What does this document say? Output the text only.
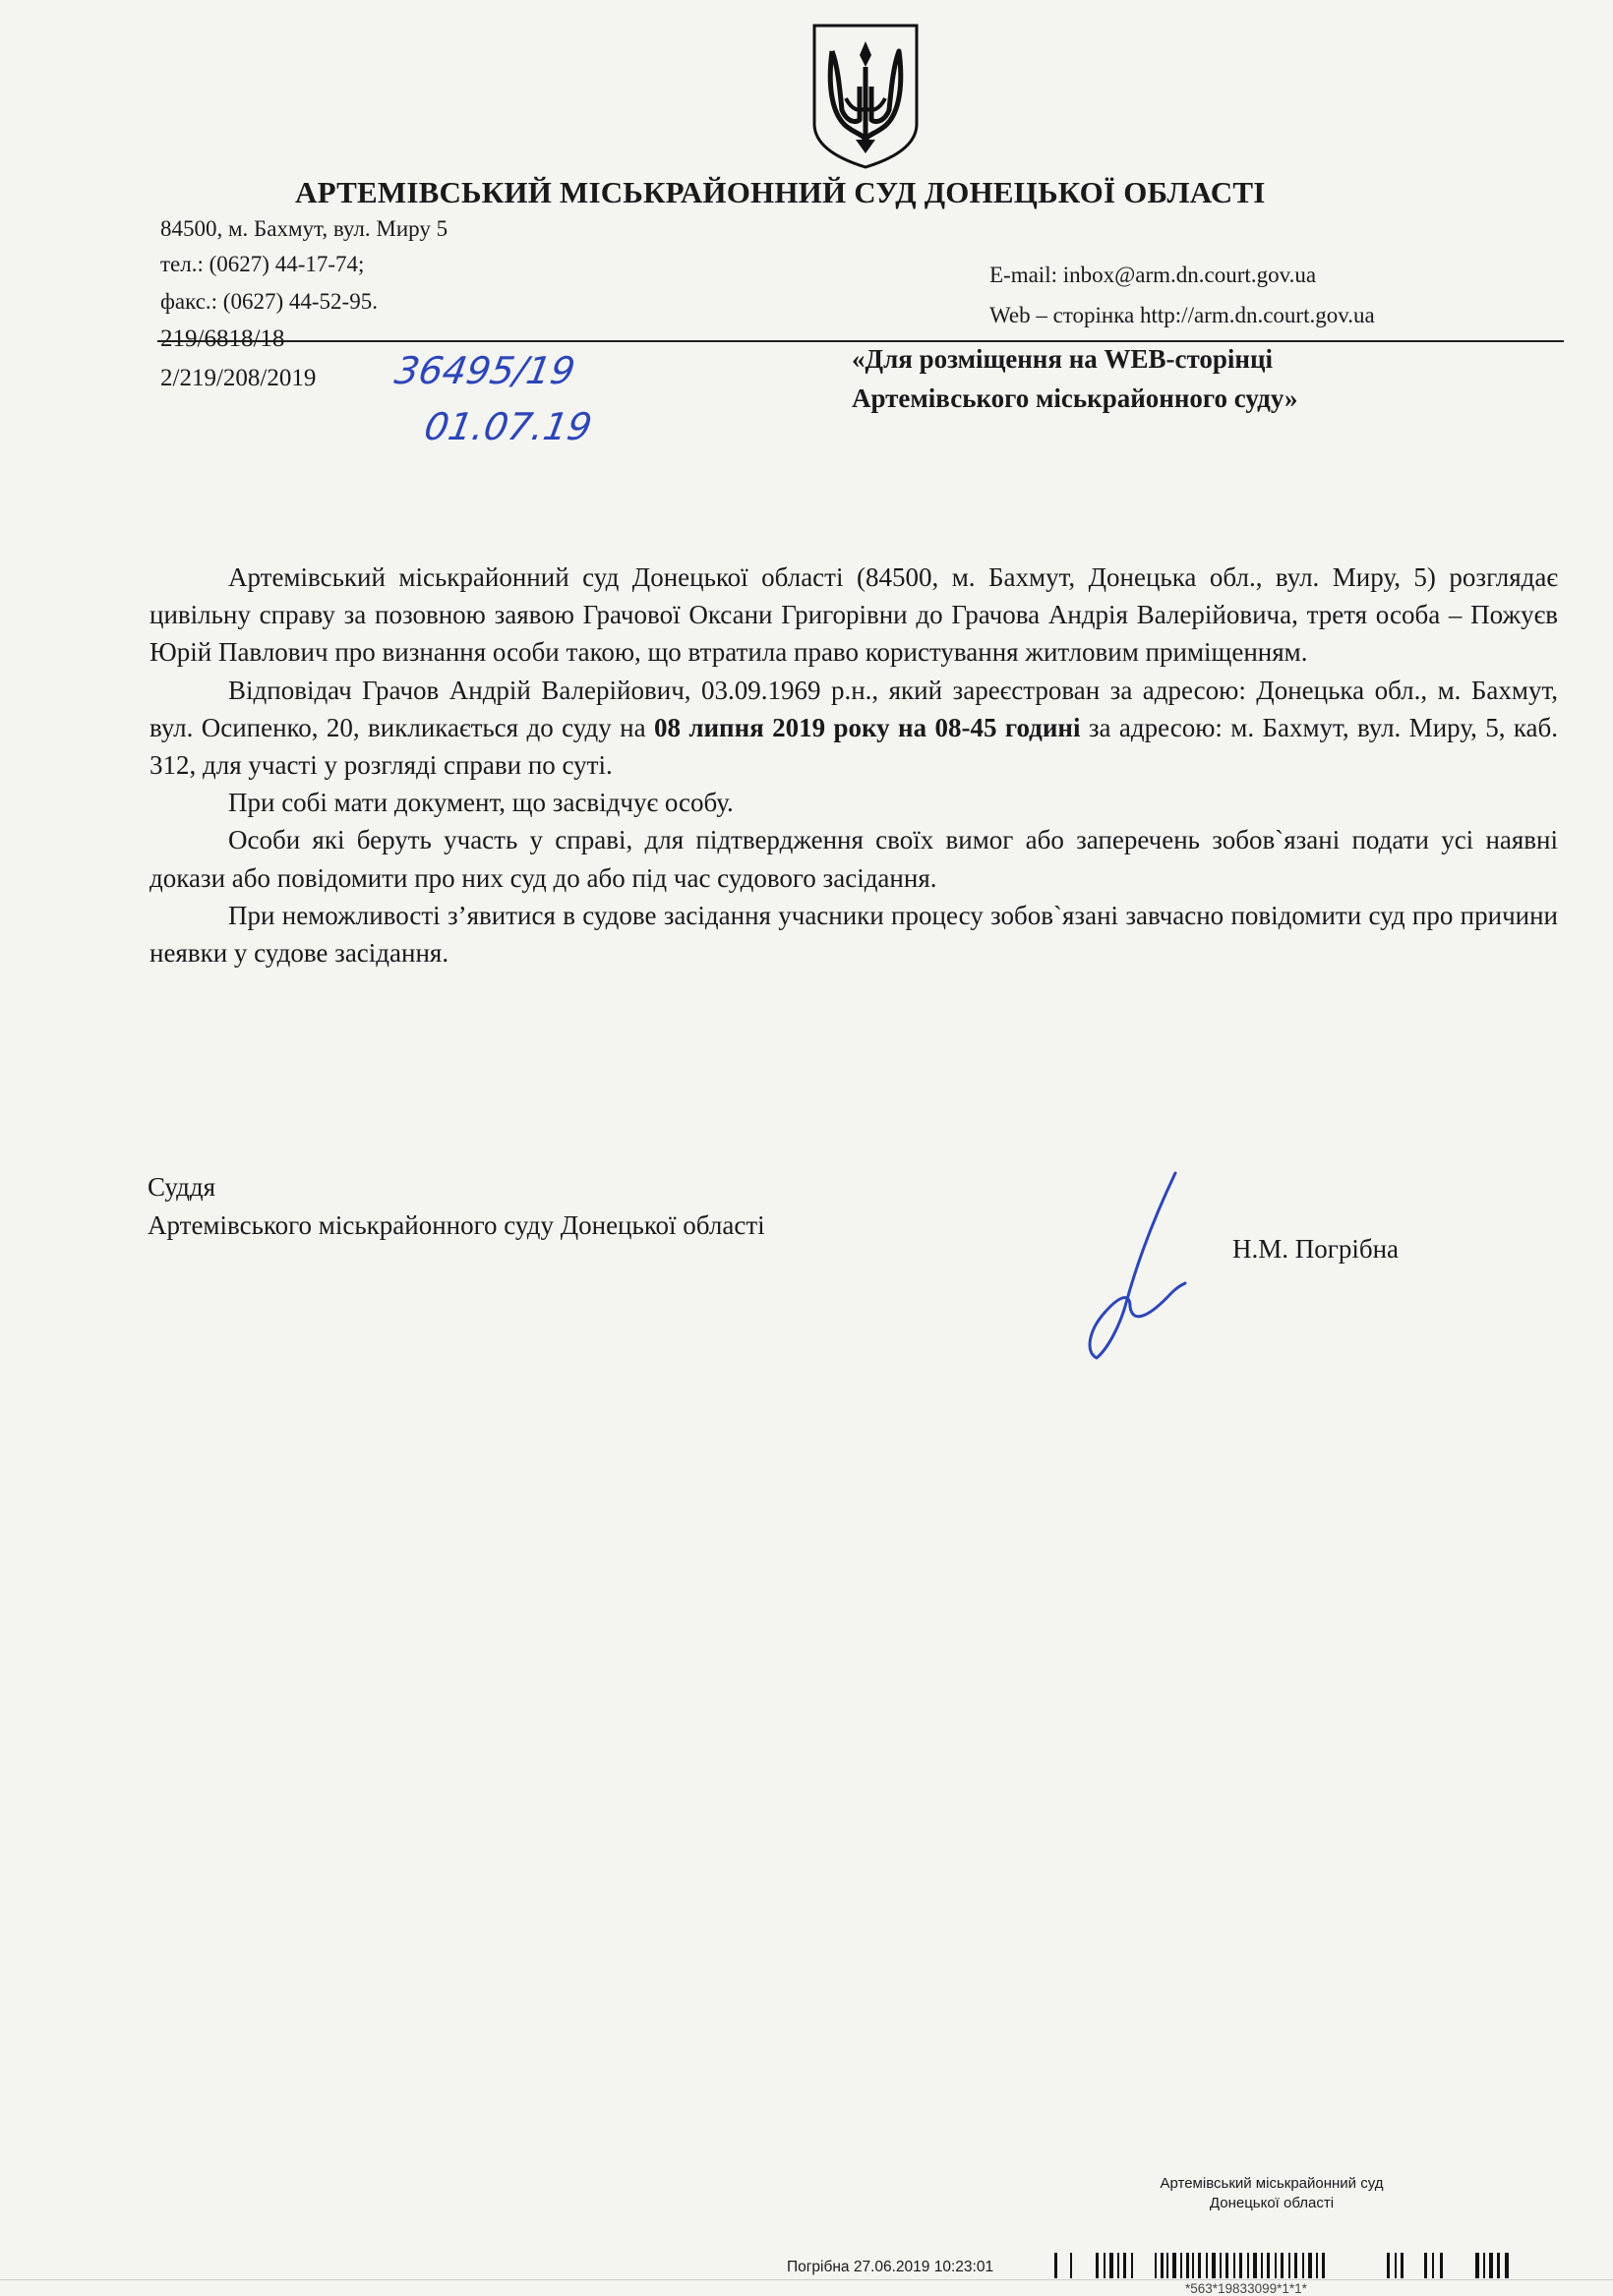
АРТЕМІВСЬКИЙ МІСЬКРАЙОННИЙ СУД ДОНЕЦЬКОЇ ОБЛАСТІ
84500, м. Бахмут, вул. Миру 5
тел.: (0627) 44-17-74;
факс.: (0627) 44-52-95.
E-mail: inbox@arm.dn.court.gov.ua
Web – сторінка http://arm.dn.court.gov.ua
219/6818/18
2/219/208/2019 36495/19
01.07.19
«Для розміщення на WEB-сторінці
Артемівського міськрайонного суду»

Артемівський міськрайонний суд Донецької області (84500, м. Бахмут, Донецька обл., вул. Миру, 5) розглядає цивільну справу за позовною заявою Грачової Оксани Григорівни до Грачова Андрія Валерійовича, третя особа – Пожуєв Юрій Павлович про визнання особи такою, що втратила право користування житловим приміщенням.

Відповідач Грачов Андрій Валерійович, 03.09.1969 р.н., який зареєстрован за адресою: Донецька обл., м. Бахмут, вул. Осипенко, 20, викликається до суду на 08 липня 2019 року на 08-45 годині за адресою: м. Бахмут, вул. Миру, 5, каб. 312, для участі у розгляді справи по суті.

При собі мати документ, що засвідчує особу.

Особи які беруть участь у справі, для підтвердження своїх вимог або заперечень зобов`язані подати усі наявні докази або повідомити про них суд до або під час судового засідання.

При неможливості з’явитися в судове засідання учасники процесу зобов`язані завчасно повідомити суд про причини неявки у судове засідання.

Суддя
Артемівського міськрайонного суду Донецької області
Н.М. Погрібна
Артемівський міськрайонний суд
Донецької області
Погрібна 27.06.2019 10:23:01
*563*19833099*1*1*
